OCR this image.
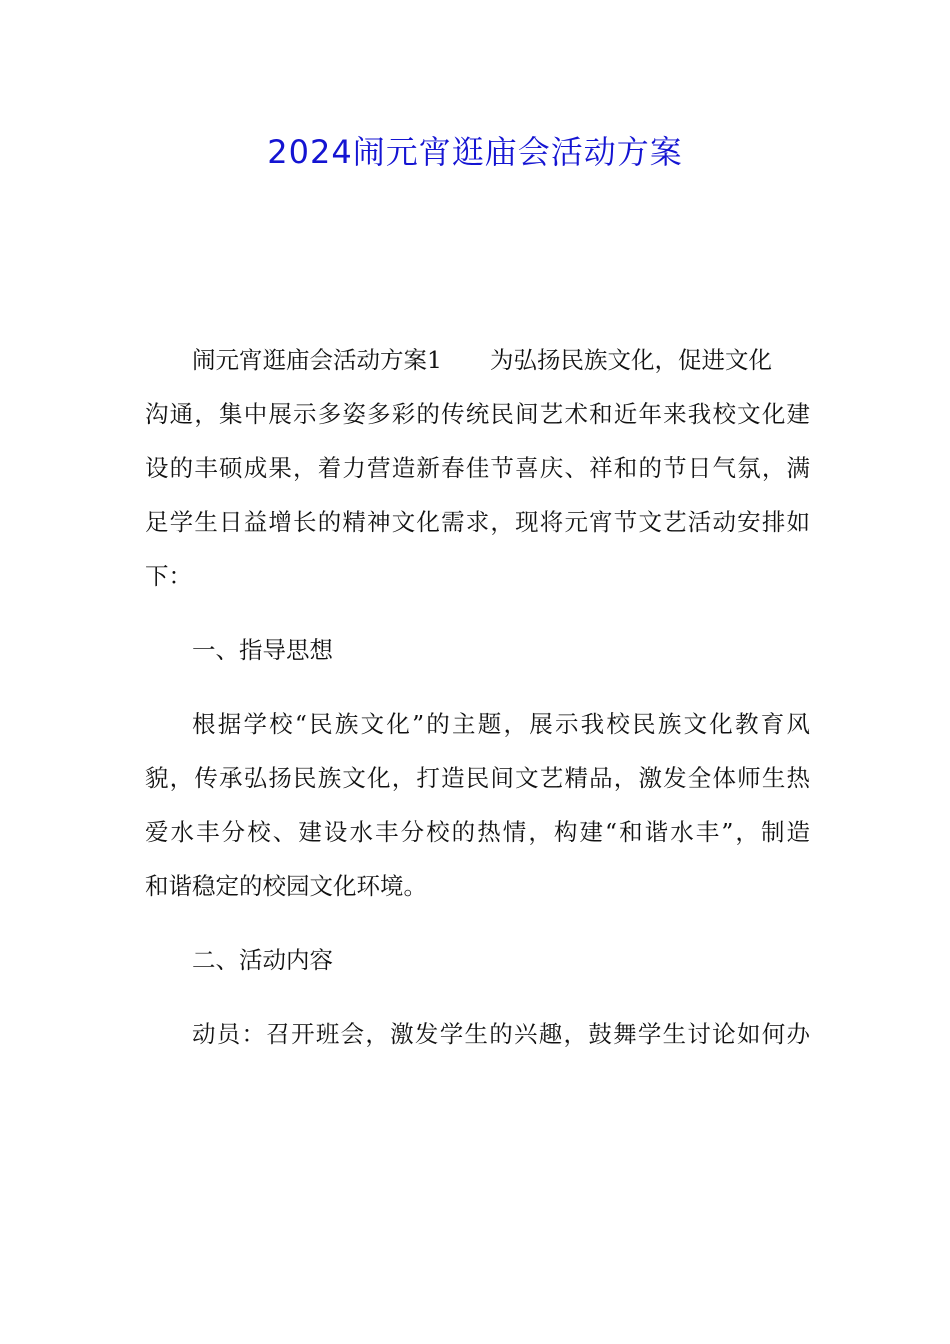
2024闹元宵逛庙会活动方案
闹元宵逛庙会活动方案1 为弘扬民族文化，促进文化
沟通，集中展示多姿多彩的传统民间艺术和近年来我校文化建
设的丰硕成果，着力营造新春佳节喜庆、祥和的节日气氛，满
足学生日益增长的精神文化需求，现将元宵节文艺活动安排如
下：
一、指导思想
根据学校“民族文化”的主题，展示我校民族文化教育风
貌，传承弘扬民族文化，打造民间文艺精品，激发全体师生热
爱水丰分校、建设水丰分校的热情，构建“和谐水丰”，制造
和谐稳定的校园文化环境。
二、活动内容
动员：召开班会，激发学生的兴趣，鼓舞学生讨论如何办
